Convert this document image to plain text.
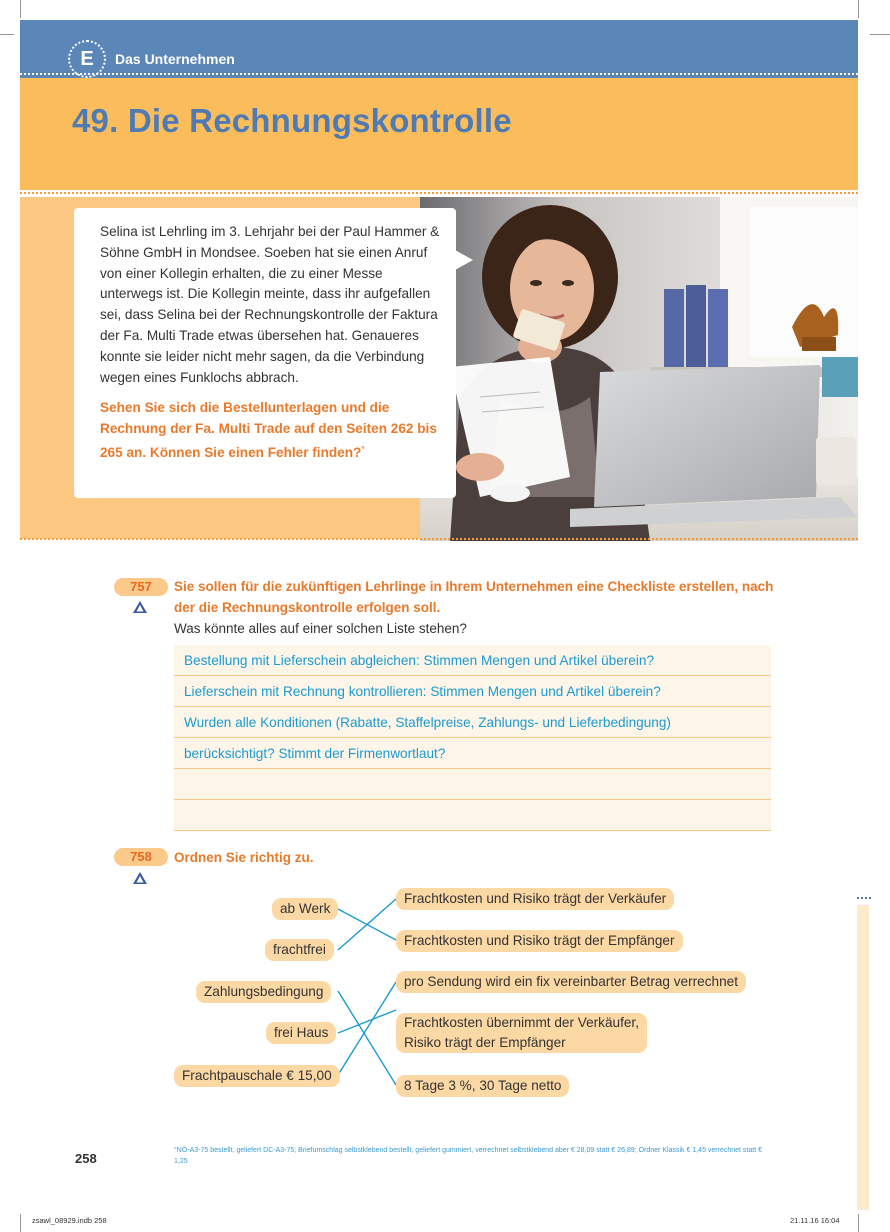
E	Das Unternehmen
49. Die Rechnungskontrolle

Selina ist Lehrling im 3. Lehrjahr bei der Paul Hammer & Söhne GmbH in Mondsee. Soeben hat sie einen Anruf von einer Kollegin erhalten, die zu einer Messe unterwegs ist. Die Kollegin meinte, dass ihr aufgefallen sei, dass Selina bei der Rechnungskontrolle der Faktura der Fa. Multi Trade etwas übersehen hat. Genaueres konnte sie leider nicht mehr sagen, da die Verbindung wegen eines Funklochs abbrach.

Sehen Sie sich die Bestellunterlagen und die Rechnung der Fa. Multi Trade auf den Seiten 262 bis 265 an. Können Sie einen Fehler finden?°

757	Sie sollen für die zukünftigen Lehrlinge in Ihrem Unternehmen eine Checkliste erstellen, nach der die Rechnungskontrolle erfolgen soll.
Was könnte alles auf einer solchen Liste stehen?
Bestellung mit Lieferschein abgleichen: Stimmen Mengen und Artikel überein?
Lieferschein mit Rechnung kontrollieren: Stimmen Mengen und Artikel überein?
Wurden alle Konditionen (Rabatte, Staffelpreise, Zahlungs- und Lieferbedingung)
berücksichtigt? Stimmt der Firmenwortlaut?
758	Ordnen Sie richtig zu.
ab Werk
frachtfrei
Zahlungsbedingung
frei Haus
Frachtpauschale € 15,00
Frachtkosten und Risiko trägt der Verkäufer
Frachtkosten und Risiko trägt der Empfänger
pro Sendung wird ein fix vereinbarter Betrag verrechnet
Frachtkosten übernimmt der Verkäufer,
Risiko trägt der Empfänger
8 Tage 3 %, 30 Tage netto
258
°NÖ-A3-75 bestellt, geliefert DC-A3-75; Briefumschlag selbstklebend bestellt, geliefert gummiert, verrechnet selbstklebend aber € 28,09 statt € 26,89; Ordner Klassik € 1,45 verrechnet statt € 1,25
zsawl_08929.indb 258	21.11.16 16:04
